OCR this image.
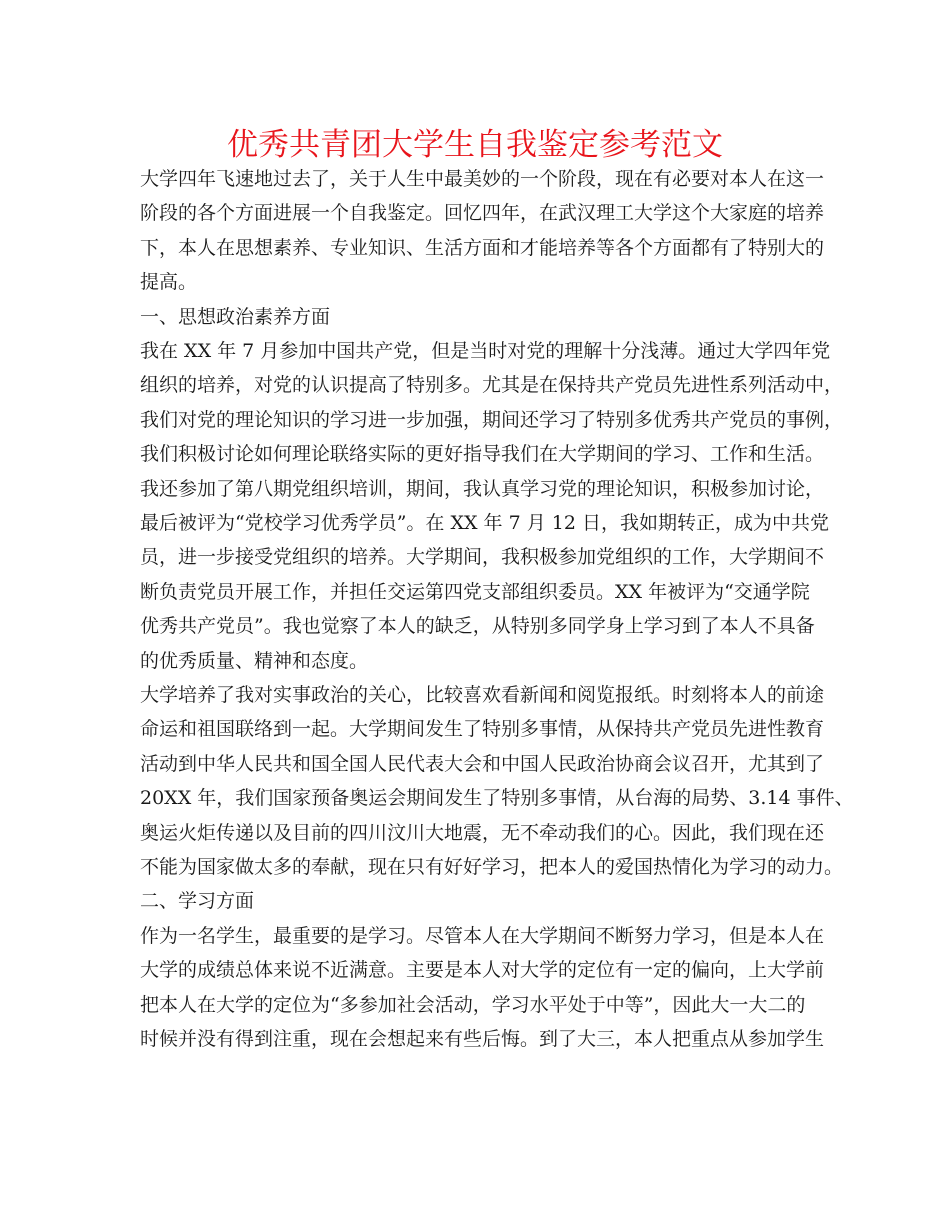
优秀共青团大学生自我鉴定参考范文
大学四年飞速地过去了，关于人生中最美妙的一个阶段，现在有必要对本人在这一
阶段的各个方面进展一个自我鉴定。回忆四年，在武汉理工大学这个大家庭的培养
下，本人在思想素养、专业知识、生活方面和才能培养等各个方面都有了特别大的
提高。
一、思想政治素养方面
我在 XX 年 7 月参加中国共产党，但是当时对党的理解十分浅薄。通过大学四年党
组织的培养，对党的认识提高了特别多。尤其是在保持共产党员先进性系列活动中，
我们对党的理论知识的学习进一步加强，期间还学习了特别多优秀共产党员的事例，
我们积极讨论如何理论联络实际的更好指导我们在大学期间的学习、工作和生活。
我还参加了第八期党组织培训，期间，我认真学习党的理论知识，积极参加讨论，
最后被评为“党校学习优秀学员”。在 XX 年 7 月 12 日，我如期转正，成为中共党
员，进一步接受党组织的培养。大学期间，我积极参加党组织的工作，大学期间不
断负责党员开展工作，并担任交运第四党支部组织委员。XX 年被评为“交通学院
优秀共产党员”。我也觉察了本人的缺乏，从特别多同学身上学习到了本人不具备
的优秀质量、精神和态度。
大学培养了我对实事政治的关心，比较喜欢看新闻和阅览报纸。时刻将本人的前途
命运和祖国联络到一起。大学期间发生了特别多事情，从保持共产党员先进性教育
活动到中华人民共和国全国人民代表大会和中国人民政治协商会议召开，尤其到了
20XX 年，我们国家预备奥运会期间发生了特别多事情，从台海的局势、3.14 事件、
奥运火炬传递以及目前的四川汶川大地震，无不牵动我们的心。因此，我们现在还
不能为国家做太多的奉献，现在只有好好学习，把本人的爱国热情化为学习的动力。
二、学习方面
作为一名学生，最重要的是学习。尽管本人在大学期间不断努力学习，但是本人在
大学的成绩总体来说不近满意。主要是本人对大学的定位有一定的偏向，上大学前
把本人在大学的定位为“多参加社会活动，学习水平处于中等”，因此大一大二的
时候并没有得到注重，现在会想起来有些后悔。到了大三，本人把重点从参加学生
